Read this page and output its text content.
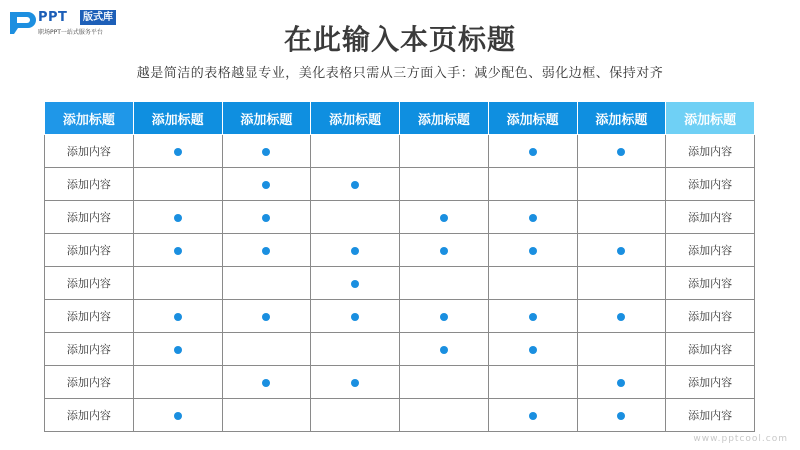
PPT	版式库
职场PPT一站式服务平台	在此输入本页标题
越是简洁的表格越显专业，美化表格只需从三方面入手：减少配色、弱化边框、保持对齐
添加标题	添加标题	添加标题	添加标题	添加标题	添加标题	添加标题	添加标题
添加内容							添加内容
添加内容							添加内容
添加内容							添加内容
添加内容							添加内容
添加内容							添加内容
添加内容							添加内容
添加内容							添加内容
添加内容							添加内容
添加内容							添加内容
www.pptcool.com
